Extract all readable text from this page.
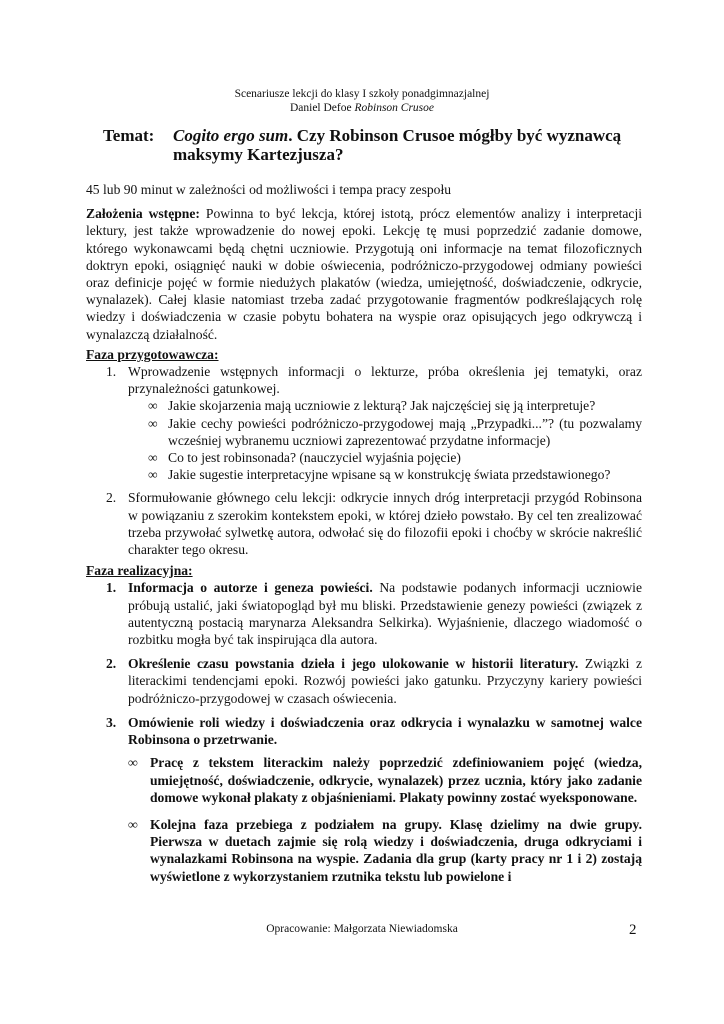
Scenariusze lekcji do klasy I szkoły ponadgimnazjalnej
Daniel Defoe Robinson Crusoe
Temat: Cogito ergo sum. Czy Robinson Crusoe mógłby być wyznawcą maksymy Kartezjusza?

45 lub 90 minut w zależności od możliwości i tempa pracy zespołu

Założenia wstępne: Powinna to być lekcja, której istotą, prócz elementów analizy i interpretacji lektury, jest także wprowadzenie do nowej epoki. Lekcję tę musi poprzedzić zadanie domowe, którego wykonawcami będą chętni uczniowie. Przygotują oni informacje na temat filozoficznych doktryn epoki, osiągnięć nauki w dobie oświecenia, podróżniczo-przygodowej odmiany powieści oraz definicje pojęć w formie niedużych plakatów (wiedza, umiejętność, doświadczenie, odkrycie, wynalazek). Całej klasie natomiast trzeba zadać przygotowanie fragmentów podkreślających rolę wiedzy i doświadczenia w czasie pobytu bohatera na wyspie oraz opisujących jego odkrywczą i wynalazczą działalność.

Faza przygotowawcza:

1. Wprowadzenie wstępnych informacji o lekturze, próba określenia jej tematyki, oraz przynależności gatunkowej.
∞ Jakie skojarzenia mają uczniowie z lekturą? Jak najczęściej się ją interpretuje?
∞ Jakie cechy powieści podróżniczo-przygodowej mają „Przypadki...”? (tu pozwalamy wcześniej wybranemu uczniowi zaprezentować przydatne informacje)
∞ Co to jest robinsonada? (nauczyciel wyjaśnia pojęcie)
∞ Jakie sugestie interpretacyjne wpisane są w konstrukcję świata przedstawionego?
2. Sformułowanie głównego celu lekcji: odkrycie innych dróg interpretacji przygód Robinsona w powiązaniu z szerokim kontekstem epoki, w której dzieło powstało. By cel ten zrealizować trzeba przywołać sylwetkę autora, odwołać się do filozofii epoki i choćby w skrócie nakreślić charakter tego okresu.

Faza realizacyjna:

1. Informacja o autorze i geneza powieści. Na podstawie podanych informacji uczniowie próbują ustalić, jaki światopogląd był mu bliski. Przedstawienie genezy powieści (związek z autentyczną postacią marynarza Aleksandra Selkirka). Wyjaśnienie, dlaczego wiadomość o rozbitku mogła być tak inspirująca dla autora.
2. Określenie czasu powstania dzieła i jego ulokowanie w historii literatury. Związki z literackimi tendencjami epoki. Rozwój powieści jako gatunku. Przyczyny kariery powieści podróżniczo-przygodowej w czasach oświecenia.
3. Omówienie roli wiedzy i doświadczenia oraz odkrycia i wynalazku w samotnej walce Robinsona o przetrwanie.
∞ Pracę z tekstem literackim należy poprzedzić zdefiniowaniem pojęć (wiedza, umiejętność, doświadczenie, odkrycie, wynalazek) przez ucznia, który jako zadanie domowe wykonał plakaty z objaśnieniami. Plakaty powinny zostać wyeksponowane.
∞ Kolejna faza przebiega z podziałem na grupy. Klasę dzielimy na dwie grupy. Pierwsza w duetach zajmie się rolą wiedzy i doświadczenia, druga odkryciami i wynalazkami Robinsona na wyspie. Zadania dla grup (karty pracy nr 1 i 2) zostają wyświetlone z wykorzystaniem rzutnika tekstu lub powielone i
Opracowanie: Małgorzata Niewiadomska	2
